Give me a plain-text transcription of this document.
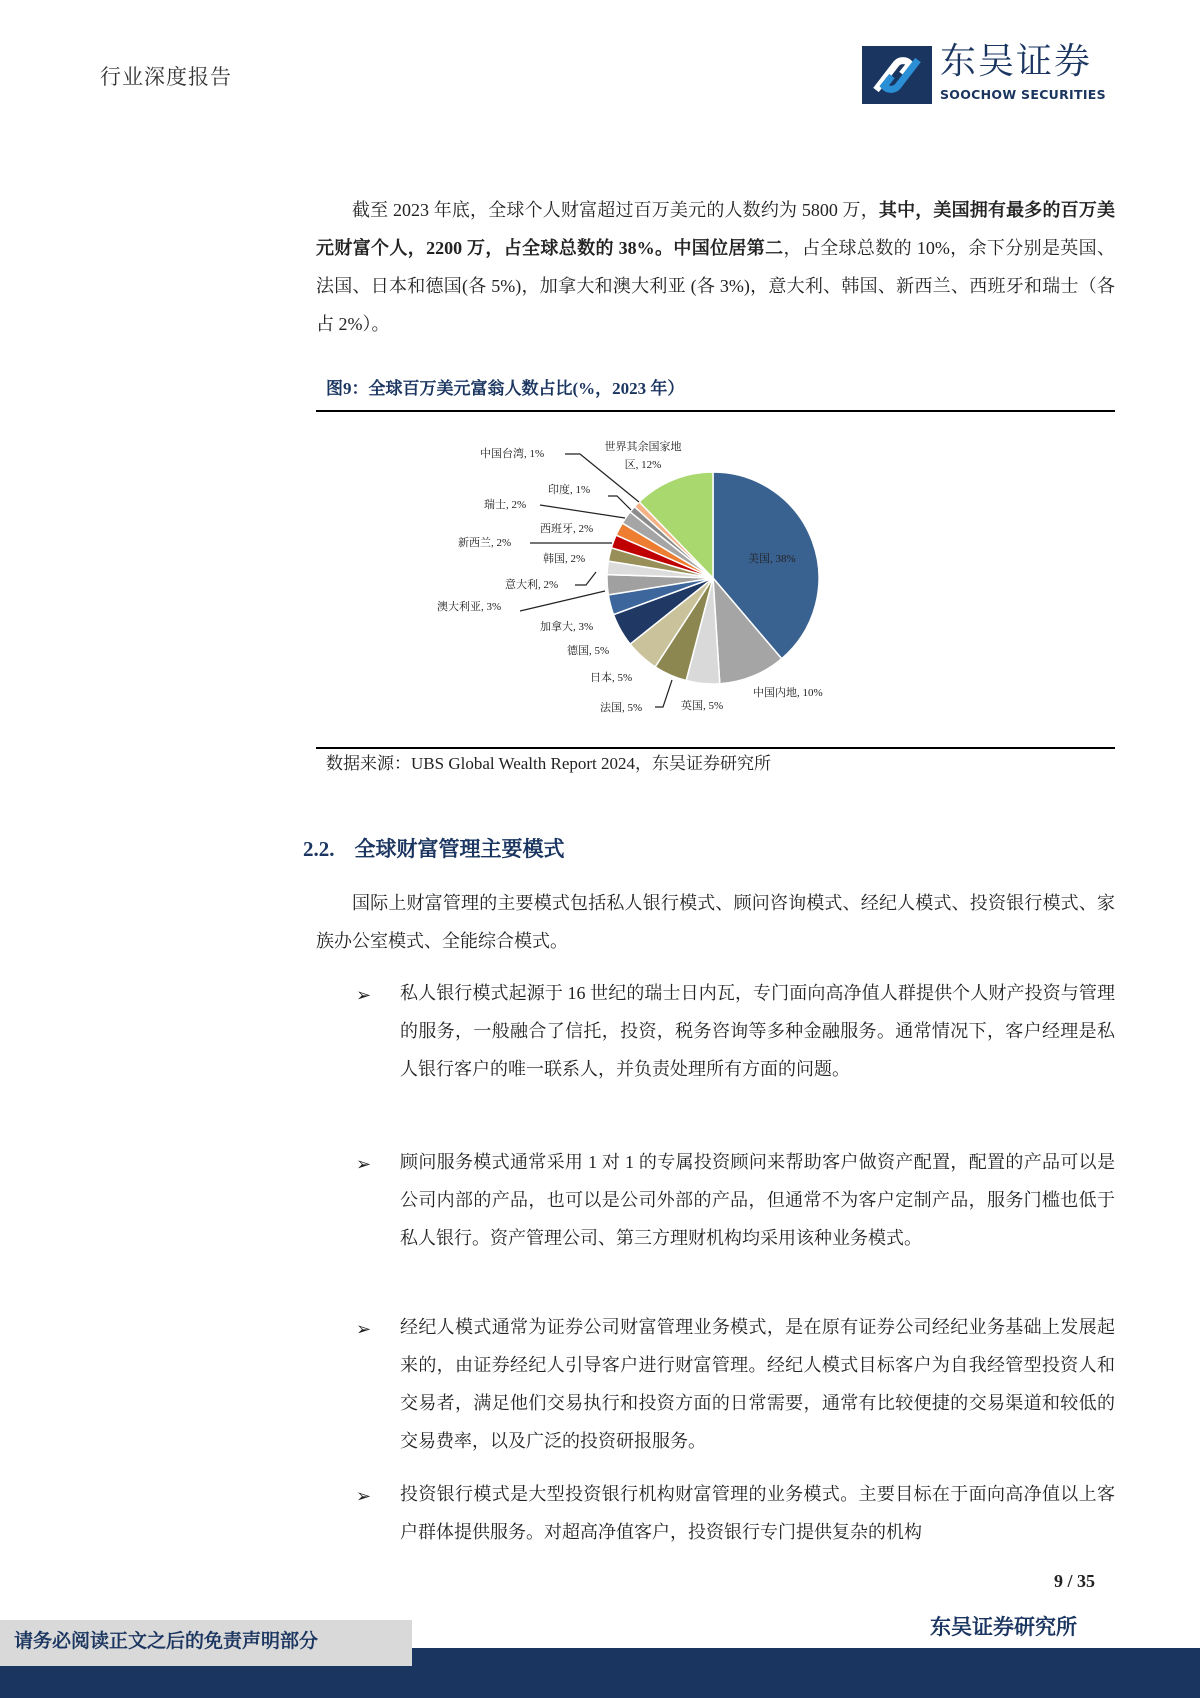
行业深度报告	东吴证券
SOOCHOW SECURITIES
截至 2023 年底，全球个人财富超过百万美元的人数约为 5800 万，其中，美国拥有最多的百万美元财富个人，2200 万，占全球总数的 38%。中国位居第二，占全球总数的 10%，余下分别是英国、法国、日本和德国(各 5%)，加拿大和澳大利亚 (各 3%)，意大利、韩国、新西兰、西班牙和瑞士（各占 2%）。
图9：全球百万美元富翁人数占比(%，2023 年）
美国, 38%
中国内地, 10%
英国, 5%
法国, 5%
日本, 5%
德国, 5%
加拿大, 3%
澳大利亚, 3%
意大利, 2%
韩国, 2%
新西兰, 2%
西班牙, 2%
瑞士, 2%
印度, 1%
中国台湾, 1%
世界其余国家地
区, 12%
数据来源：UBS Global Wealth Report 2024，东吴证券研究所
2.2. 全球财富管理主要模式
国际上财富管理的主要模式包括私人银行模式、顾问咨询模式、经纪人模式、投资银行模式、家族办公室模式、全能综合模式。
➢ 私人银行模式起源于 16 世纪的瑞士日内瓦，专门面向高净值人群提供个人财产投资与管理的服务，一般融合了信托，投资，税务咨询等多种金融服务。通常情况下，客户经理是私人银行客户的唯一联系人，并负责处理所有方面的问题。
➢ 顾问服务模式通常采用 1 对 1 的专属投资顾问来帮助客户做资产配置，配置的产品可以是公司内部的产品，也可以是公司外部的产品，但通常不为客户定制产品，服务门槛也低于私人银行。资产管理公司、第三方理财机构均采用该种业务模式。
➢ 经纪人模式通常为证券公司财富管理业务模式，是在原有证券公司经纪业务基础上发展起来的，由证券经纪人引导客户进行财富管理。经纪人模式目标客户为自我经管型投资人和交易者，满足他们交易执行和投资方面的日常需要，通常有比较便捷的交易渠道和较低的交易费率，以及广泛的投资研报服务。
➢ 投资银行模式是大型投资银行机构财富管理的业务模式。主要目标在于面向高净值以上客户群体提供服务。对超高净值客户，投资银行专门提供复杂的机构
9 / 35
东吴证券研究所
请务必阅读正文之后的免责声明部分
